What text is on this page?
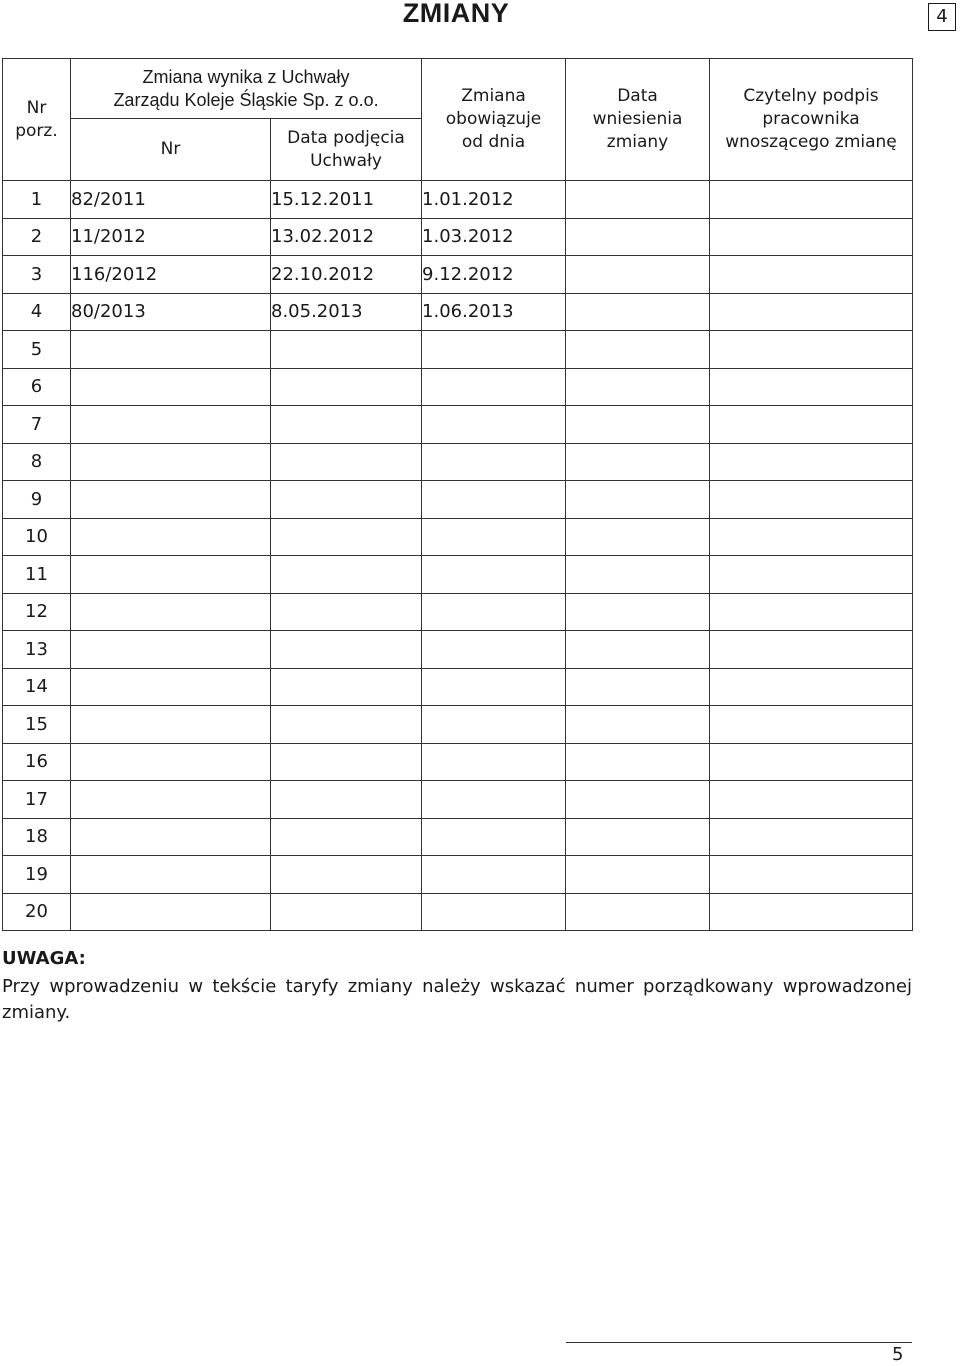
ZMIANY	4
Nr porz.	Zmiana wynika z Uchwały Zarządu Koleje Śląskie Sp. z o.o.		Zmiana obowiązuje od dnia	Data wniesienia zmiany	Czytelny podpis pracownika wnoszącego zmianę
	Nr	Data podjęcia Uchwały			
1	82/2011	15.12.2011	1.01.2012		
2	11/2012	13.02.2012	1.03.2012		
3	116/2012	22.10.2012	9.12.2012		
4	80/2013	8.05.2013	1.06.2013		
5					
6					
7					
8					
9					
10					
11					
12					
13					
14					
15					
16					
17					
18					
19					
20					
UWAGA:
Przy wprowadzeniu w tekście taryfy zmiany należy wskazać numer porządkowany wprowadzonej zmiany.
5
